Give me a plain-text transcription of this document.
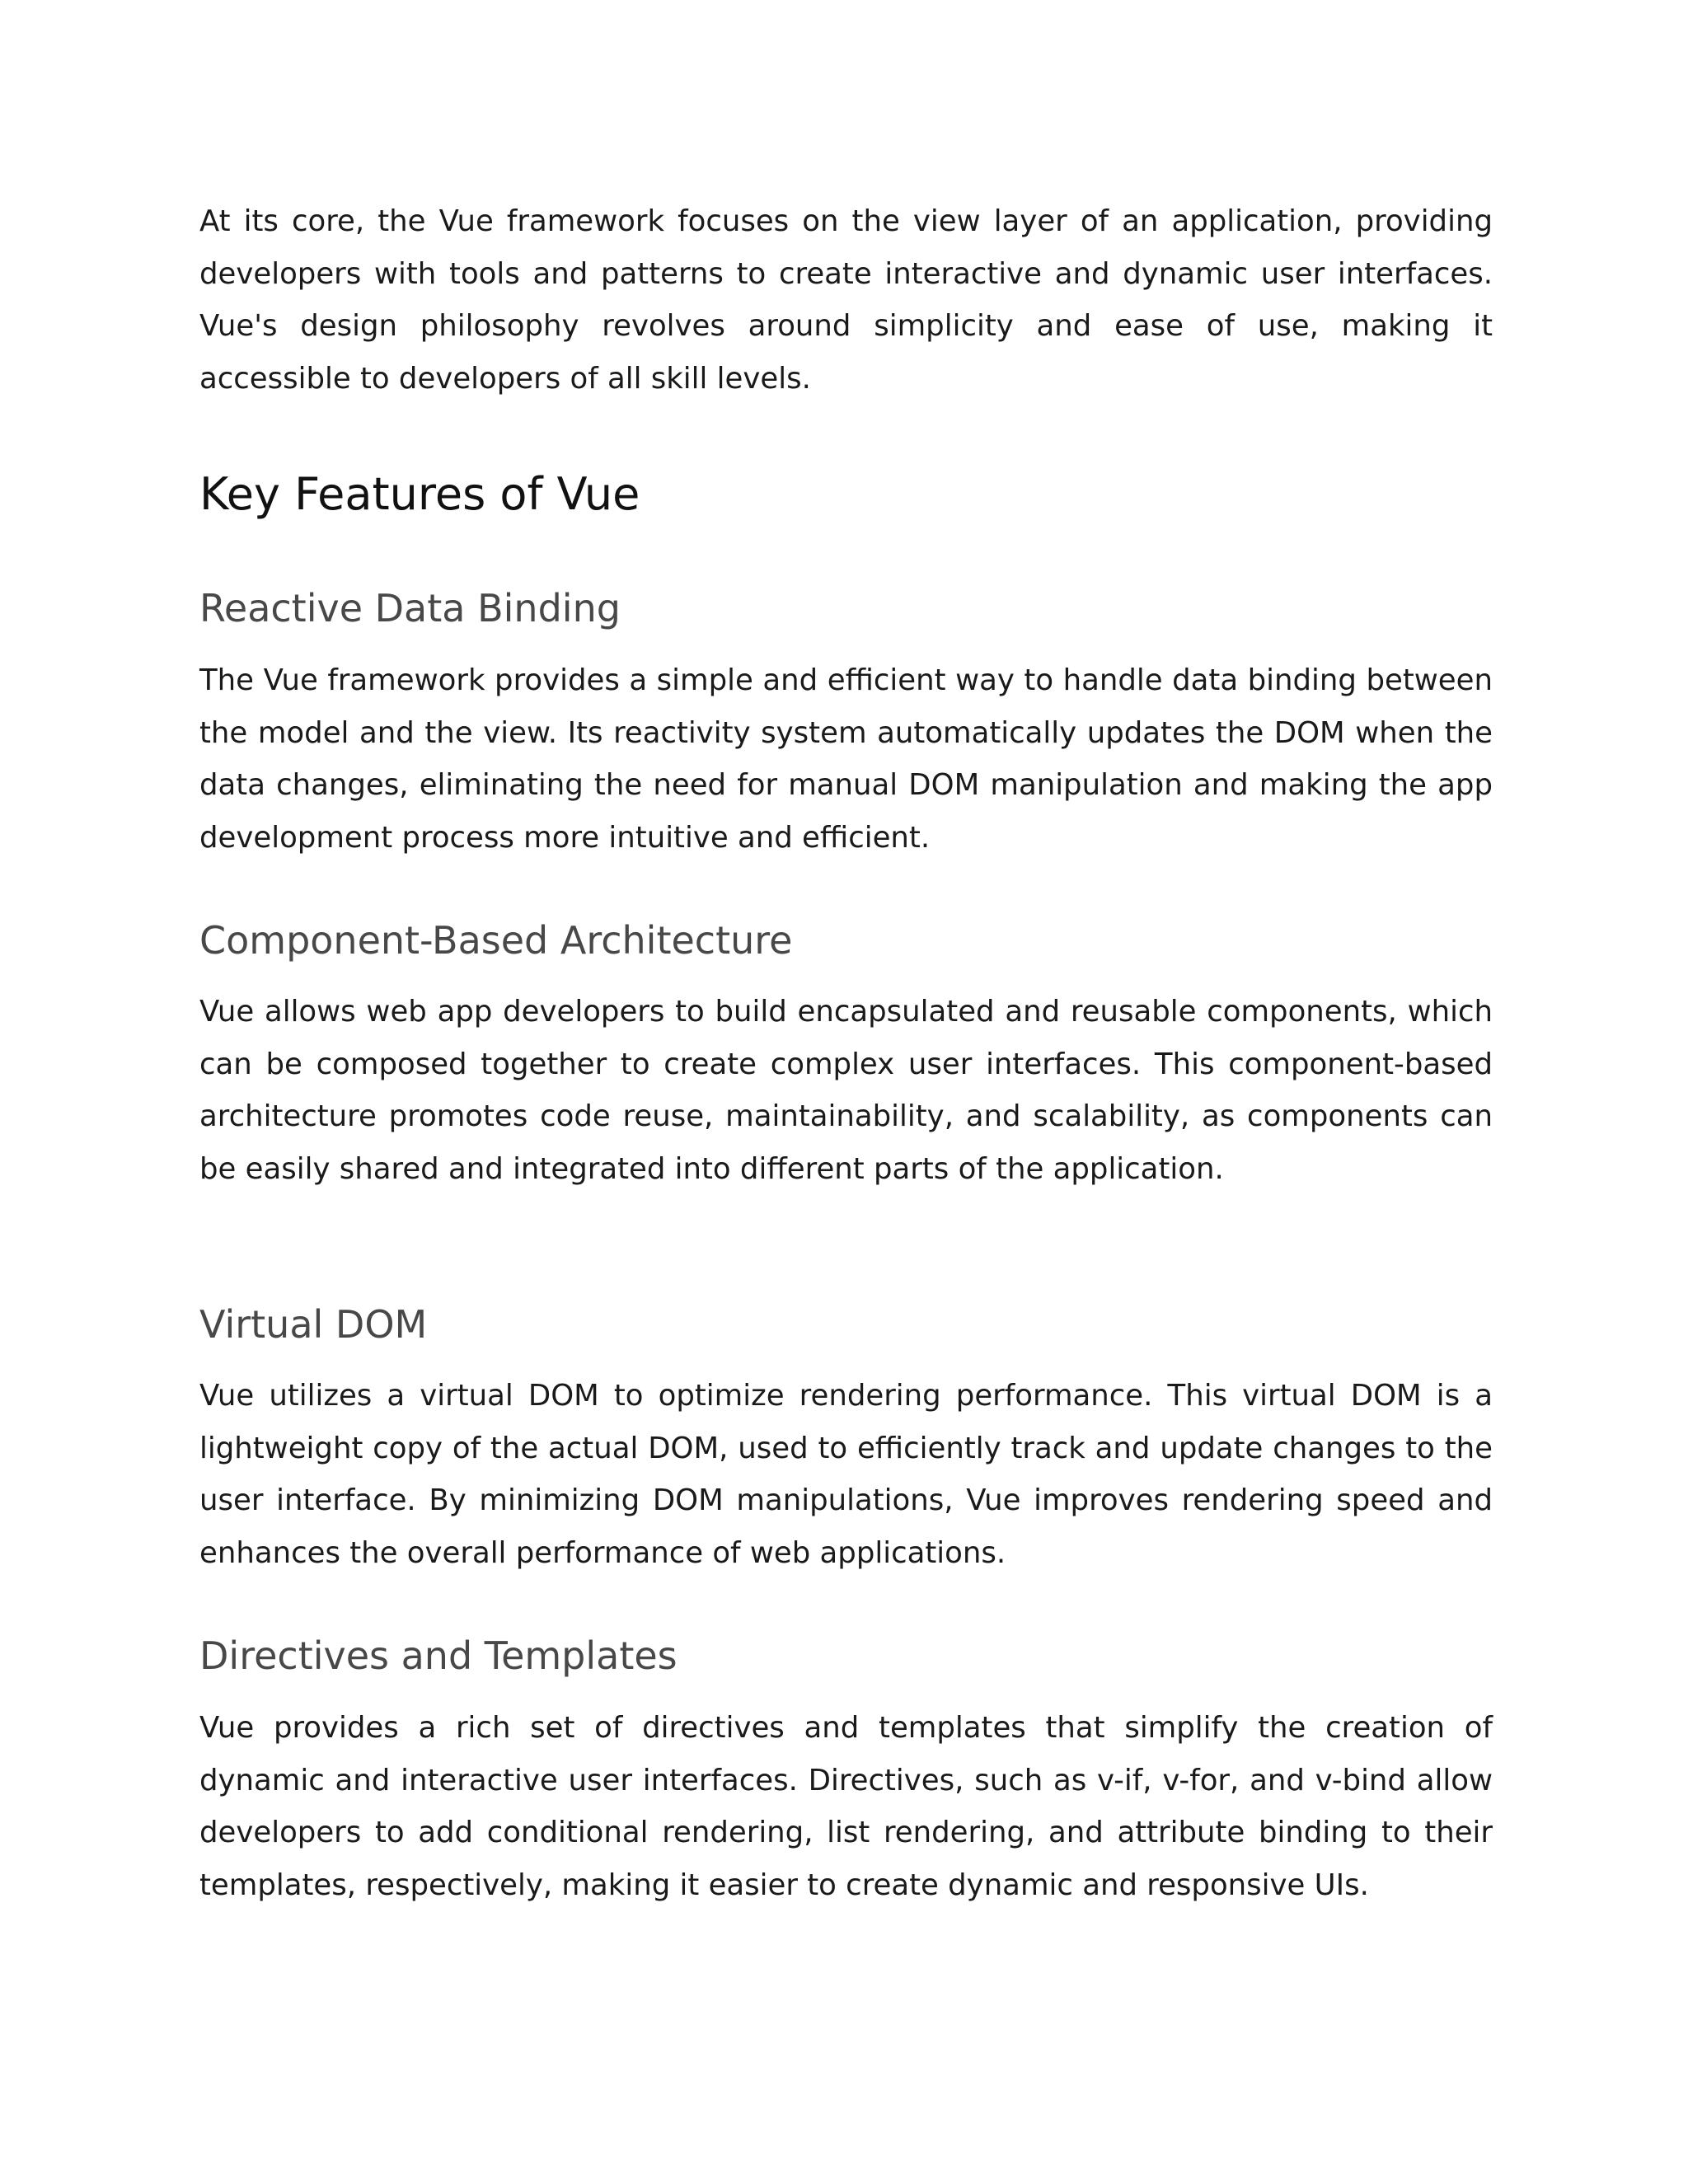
At its core, the Vue framework focuses on the view layer of an application, providing developers with tools and patterns to create interactive and dynamic user interfaces. Vue's design philosophy revolves around simplicity and ease of use, making it accessible to developers of all skill levels.

Key Features of Vue
Reactive Data Binding

The Vue framework provides a simple and efficient way to handle data binding between the model and the view. Its reactivity system automatically updates the DOM when the data changes, eliminating the need for manual DOM manipulation and making the app development process more intuitive and efficient.

Component-Based Architecture

Vue allows web app developers to build encapsulated and reusable components, which can be composed together to create complex user interfaces. This component-based architecture promotes code reuse, maintainability, and scalability, as components can be easily shared and integrated into different parts of the application.

Virtual DOM

Vue utilizes a virtual DOM to optimize rendering performance. This virtual DOM is a lightweight copy of the actual DOM, used to efficiently track and update changes to the user interface. By minimizing DOM manipulations, Vue improves rendering speed and enhances the overall performance of web applications.

Directives and Templates

Vue provides a rich set of directives and templates that simplify the creation of dynamic and interactive user interfaces. Directives, such as v-if, v-for, and v-bind allow developers to add conditional rendering, list rendering, and attribute binding to their templates, respectively, making it easier to create dynamic and responsive UIs.
